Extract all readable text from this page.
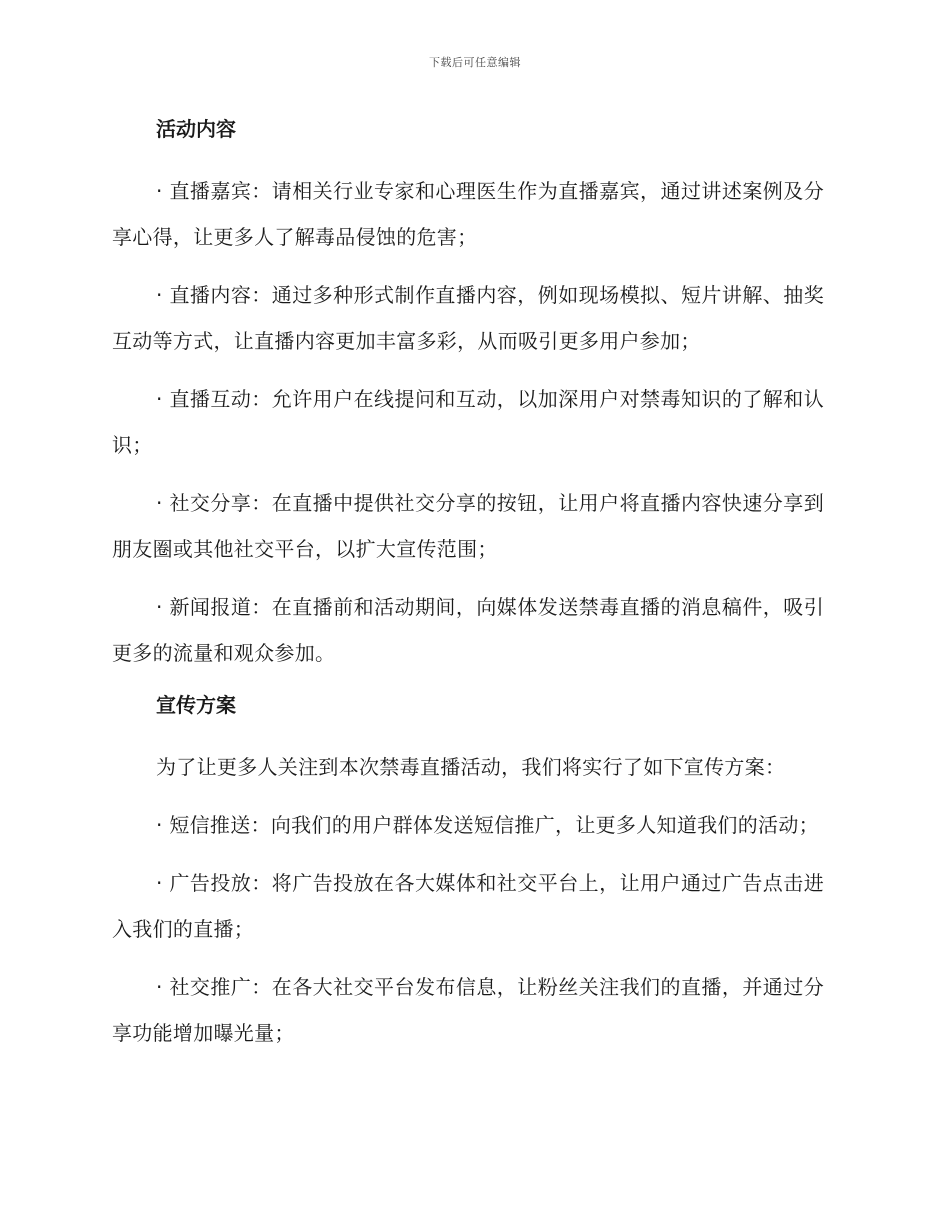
下载后可任意编辑
活动内容

· 直播嘉宾：请相关行业专家和心理医生作为直播嘉宾，通过讲述案例及分享心得，让更多人了解毒品侵蚀的危害；

· 直播内容：通过多种形式制作直播内容，例如现场模拟、短片讲解、抽奖互动等方式，让直播内容更加丰富多彩，从而吸引更多用户参加；

· 直播互动：允许用户在线提问和互动，以加深用户对禁毒知识的了解和认识；

· 社交分享：在直播中提供社交分享的按钮，让用户将直播内容快速分享到朋友圈或其他社交平台，以扩大宣传范围；

· 新闻报道：在直播前和活动期间，向媒体发送禁毒直播的消息稿件，吸引更多的流量和观众参加。

宣传方案

为了让更多人关注到本次禁毒直播活动，我们将实行了如下宣传方案：

· 短信推送：向我们的用户群体发送短信推广，让更多人知道我们的活动；

· 广告投放：将广告投放在各大媒体和社交平台上，让用户通过广告点击进入我们的直播；

· 社交推广：在各大社交平台发布信息，让粉丝关注我们的直播，并通过分享功能增加曝光量；
